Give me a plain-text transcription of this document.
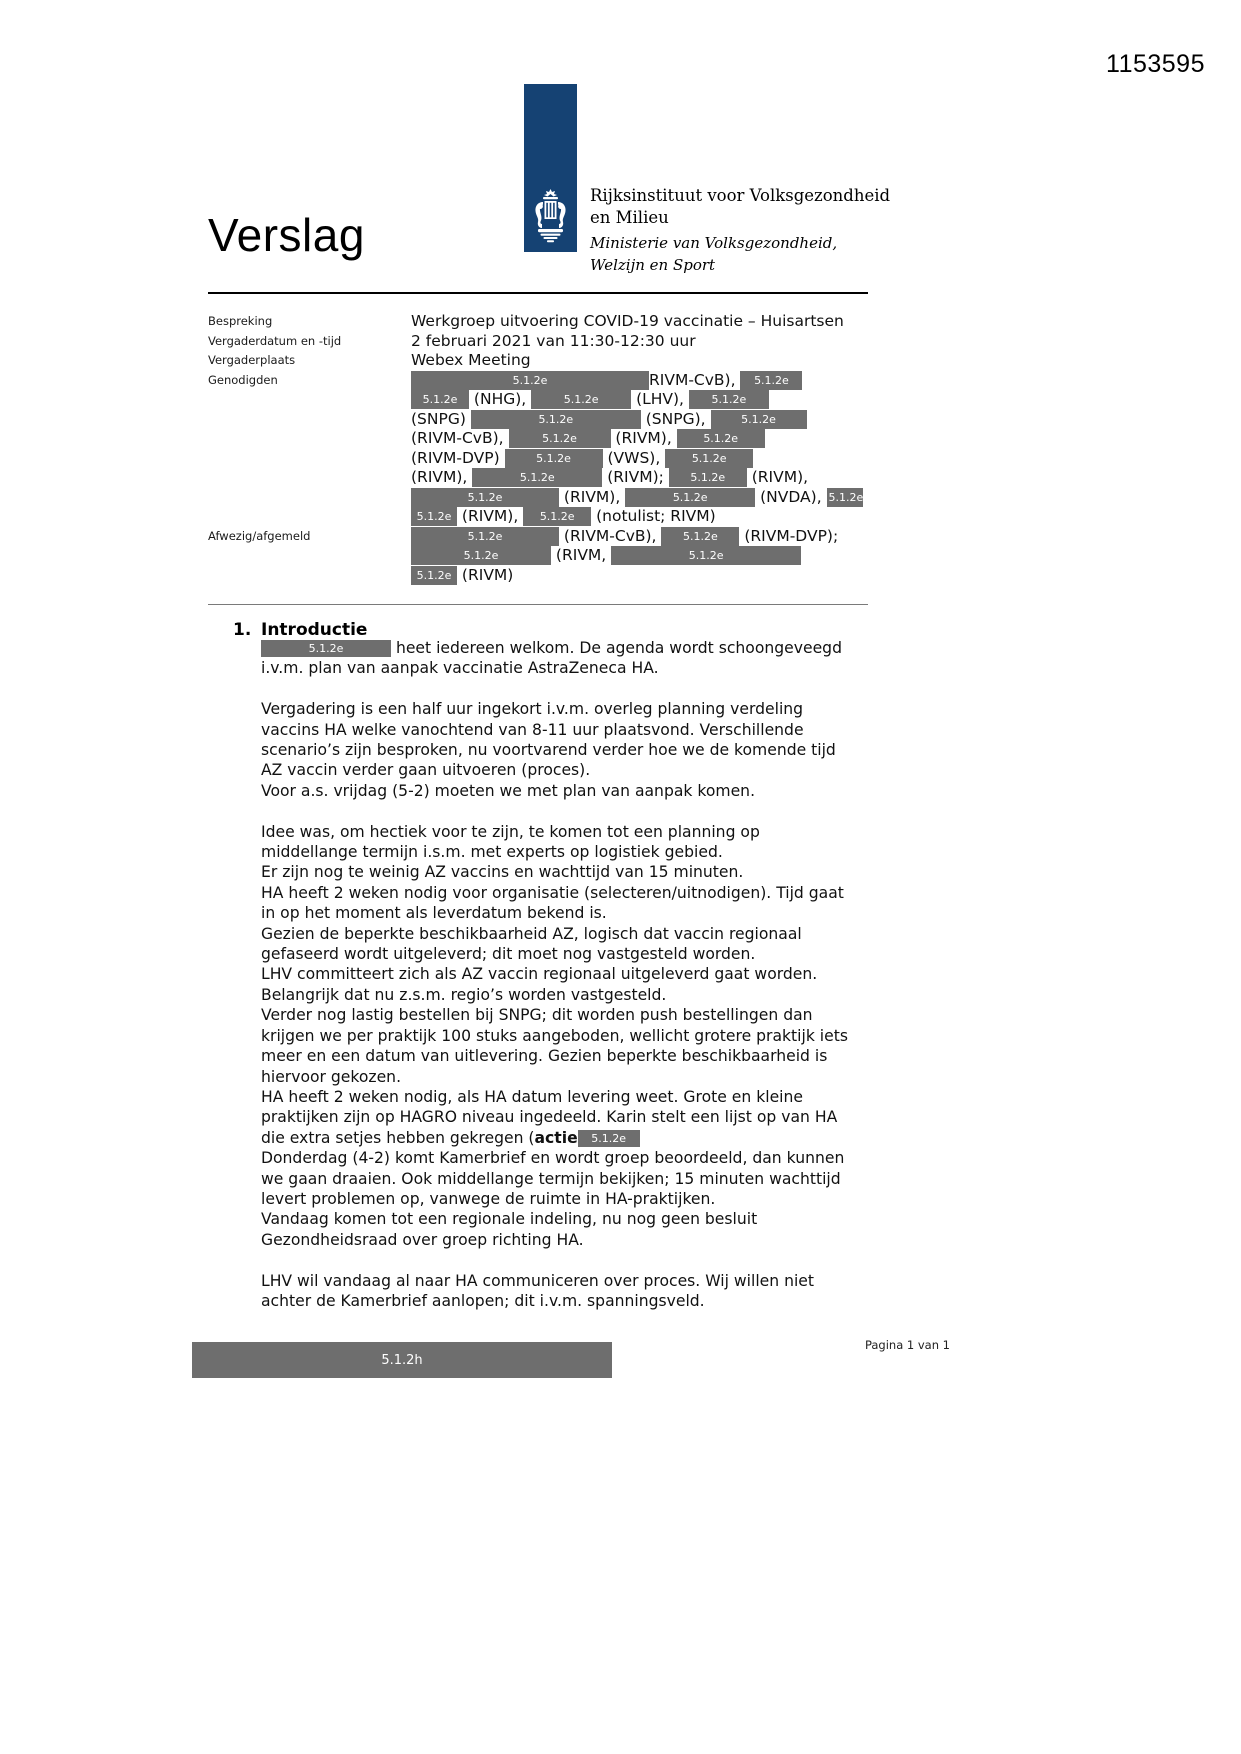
1153595
Verslag
Rijksinstituut voor Volksgezondheid
en Milieu
Ministerie van Volksgezondheid,
Welzijn en Sport
Bespreking	Werkgroep uitvoering COVID-19 vaccinatie – Huisartsen
Vergaderdatum en -tijd	2 februari 2021 van 11:30-12:30 uur
Vergaderplaats	Webex Meeting
Genodigden	5.1.2e	RIVM-CvB), 5.1.2e
5.1.2e (NHG),	5.1.2e (LHV), 5.1.2e
(SNPG)	5.1.2e	(SNPG),	5.1.2e
(RIVM-CvB),	5.1.2e (RIVM), 5.1.2e
(RIVM-DVP)	5.1.2e (VWS), 5.1.2e
(RIVM),	5.1.2e	(RIVM); 5.1.2e (RIVM),
5.1.2e	(RIVM),	5.1.2e	(NVDA), 5.1.2e
5.1.2e (RIVM), 5.1.2e (notulist; RIVM)
Afwezig/afgemeld	5.1.2e	(RIVM-CvB), 5.1.2e (RIVM-DVP);
5.1.2e	(RIVM,	5.1.2e
5.1.2e (RIVM)
1. Introductie

5.1.2e	heet iedereen welkom. De agenda wordt schoongeveegd

i.v.m. plan van aanpak vaccinatie AstraZeneca HA.

Vergadering is een half uur ingekort i.v.m. overleg planning verdeling

vaccins HA welke vanochtend van 8-11 uur plaatsvond. Verschillende

scenario’s zijn besproken, nu voortvarend verder hoe we de komende tijd

AZ vaccin verder gaan uitvoeren (proces).

Voor a.s. vrijdag (5-2) moeten we met plan van aanpak komen.

Idee was, om hectiek voor te zijn, te komen tot een planning op

middellange termijn i.s.m. met experts op logistiek gebied.

Er zijn nog te weinig AZ vaccins en wachttijd van 15 minuten.

HA heeft 2 weken nodig voor organisatie (selecteren/uitnodigen). Tijd gaat

in op het moment als leverdatum bekend is.

Gezien de beperkte beschikbaarheid AZ, logisch dat vaccin regionaal

gefaseerd wordt uitgeleverd; dit moet nog vastgesteld worden.

LHV committeert zich als AZ vaccin regionaal uitgeleverd gaat worden.

Belangrijk dat nu z.s.m. regio’s worden vastgesteld.

Verder nog lastig bestellen bij SNPG; dit worden push bestellingen dan

krijgen we per praktijk 100 stuks aangeboden, wellicht grotere praktijk iets

meer en een datum van uitlevering. Gezien beperkte beschikbaarheid is

hiervoor gekozen.

HA heeft 2 weken nodig, als HA datum levering weet. Grote en kleine

praktijken zijn op HAGRO niveau ingedeeld. Karin stelt een lijst op van HA

die extra setjes hebben gekregen (actie 5.1.2e

Donderdag (4-2) komt Kamerbrief en wordt groep beoordeeld, dan kunnen

we gaan draaien. Ook middellange termijn bekijken; 15 minuten wachttijd

levert problemen op, vanwege de ruimte in HA-praktijken.

Vandaag komen tot een regionale indeling, nu nog geen besluit

Gezondheidsraad over groep richting HA.

LHV wil vandaag al naar HA communiceren over proces. Wij willen niet

achter de Kamerbrief aanlopen; dit i.v.m. spanningsveld.

5.1.2h
Pagina 1 van 1
